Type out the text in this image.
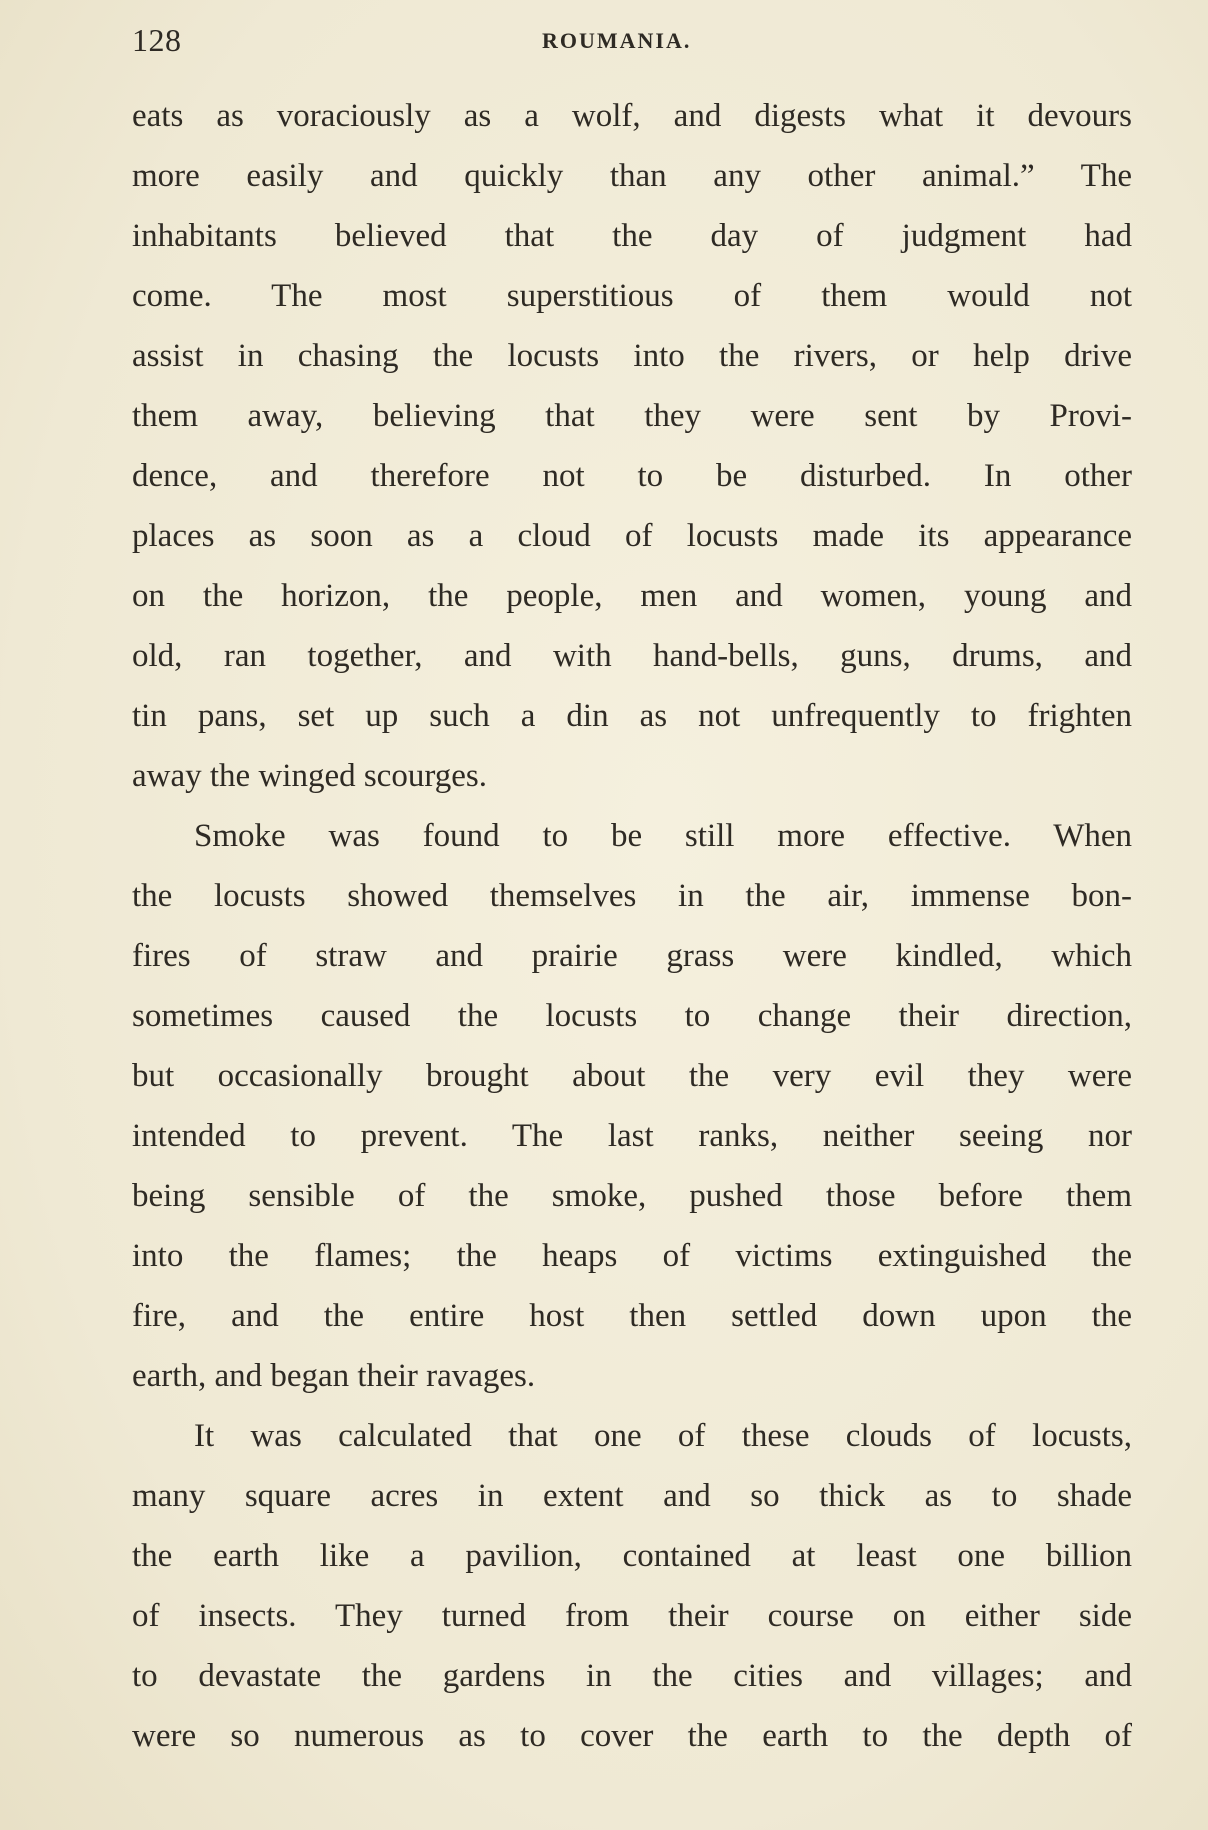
128	ROUMANIA.
eats as voraciously as a wolf, and digests what it devours
more easily and quickly than any other animal.” The
inhabitants believed that the day of judgment had
come. The most superstitious of them would not
assist in chasing the locusts into the rivers, or help drive
them away, believing that they were sent by Provi-
dence, and therefore not to be disturbed. In other
places as soon as a cloud of locusts made its appearance
on the horizon, the people, men and women, young and
old, ran together, and with hand-bells, guns, drums, and
tin pans, set up such a din as not unfrequently to frighten
away the winged scourges.
Smoke was found to be still more effective. When
the locusts showed themselves in the air, immense bon-
fires of straw and prairie grass were kindled, which
sometimes caused the locusts to change their direction,
but occasionally brought about the very evil they were
intended to prevent. The last ranks, neither seeing nor
being sensible of the smoke, pushed those before them
into the flames; the heaps of victims extinguished the
fire, and the entire host then settled down upon the
earth, and began their ravages.
It was calculated that one of these clouds of locusts,
many square acres in extent and so thick as to shade
the earth like a pavilion, contained at least one billion
of insects. They turned from their course on either side
to devastate the gardens in the cities and villages; and
were so numerous as to cover the earth to the depth of
